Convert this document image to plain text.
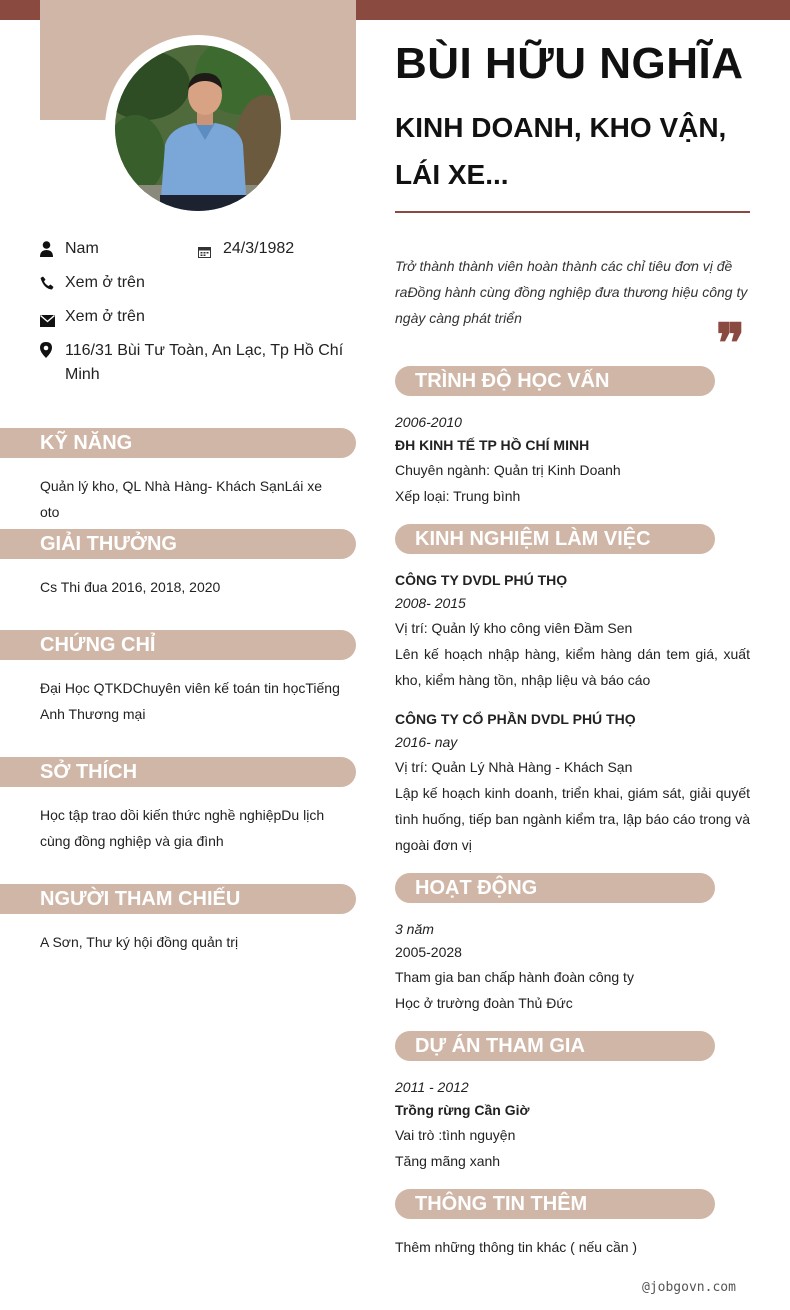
Nam	24/3/1982
Xem ở trên
Xem ở trên
116/31 Bùi Tư Toàn, An Lạc, Tp Hồ Chí Minh
KỸ NĂNG
Quản lý kho, QL Nhà Hàng- Khách SạnLái xe oto
GIẢI THƯỞNG
Cs Thi đua 2016, 2018, 2020
CHỨNG CHỈ
Đại Học QTKDChuyên viên kế toán tin họcTiếng Anh Thương mại
SỞ THÍCH
Học tập trao dồi kiến thức nghề nghiệpDu lịch cùng đồng nghiệp và gia đình
NGƯỜI THAM CHIẾU
A Sơn, Thư ký hội đồng quản trị
BÙI HỮU NGHĨA
KINH DOANH, KHO VẬN,
LÁI XE...
Trở thành thành viên hoàn thành các chỉ tiêu đơn vị đề raĐồng hành cùng đồng nghiệp đưa thương hiệu công ty ngày càng phát triển	❞
TRÌNH ĐỘ HỌC VẤN
2006-2010
ĐH KINH TẾ TP HỒ CHÍ MINH
Chuyên ngành: Quản trị Kinh Doanh
Xếp loại: Trung bình
KINH NGHIỆM LÀM VIỆC
CÔNG TY DVDL PHÚ THỌ
2008- 2015
Vị trí: Quản lý kho công viên Đầm Sen
Lên kế hoạch nhập hàng, kiểm hàng dán tem giá, xuất kho, kiểm hàng tồn, nhập liệu và báo cáo
CÔNG TY CỔ PHẦN DVDL PHÚ THỌ
2016- nay
Vị trí: Quản Lý Nhà Hàng - Khách Sạn
Lập kế hoạch kinh doanh, triển khai, giám sát, giải quyết tình huống, tiếp ban ngành kiểm tra, lập báo cáo trong và ngoài đơn vị
HOẠT ĐỘNG
3 năm
2005-2028
Tham gia ban chấp hành đoàn công ty
Học ở trường đoàn Thủ Đức
DỰ ÁN THAM GIA
2011 - 2012
Trồng rừng Cần Giờ
Vai trò :tình nguyện
Tăng mãng xanh
THÔNG TIN THÊM
Thêm những thông tin khác ( nếu cần )
@jobgovn.com
